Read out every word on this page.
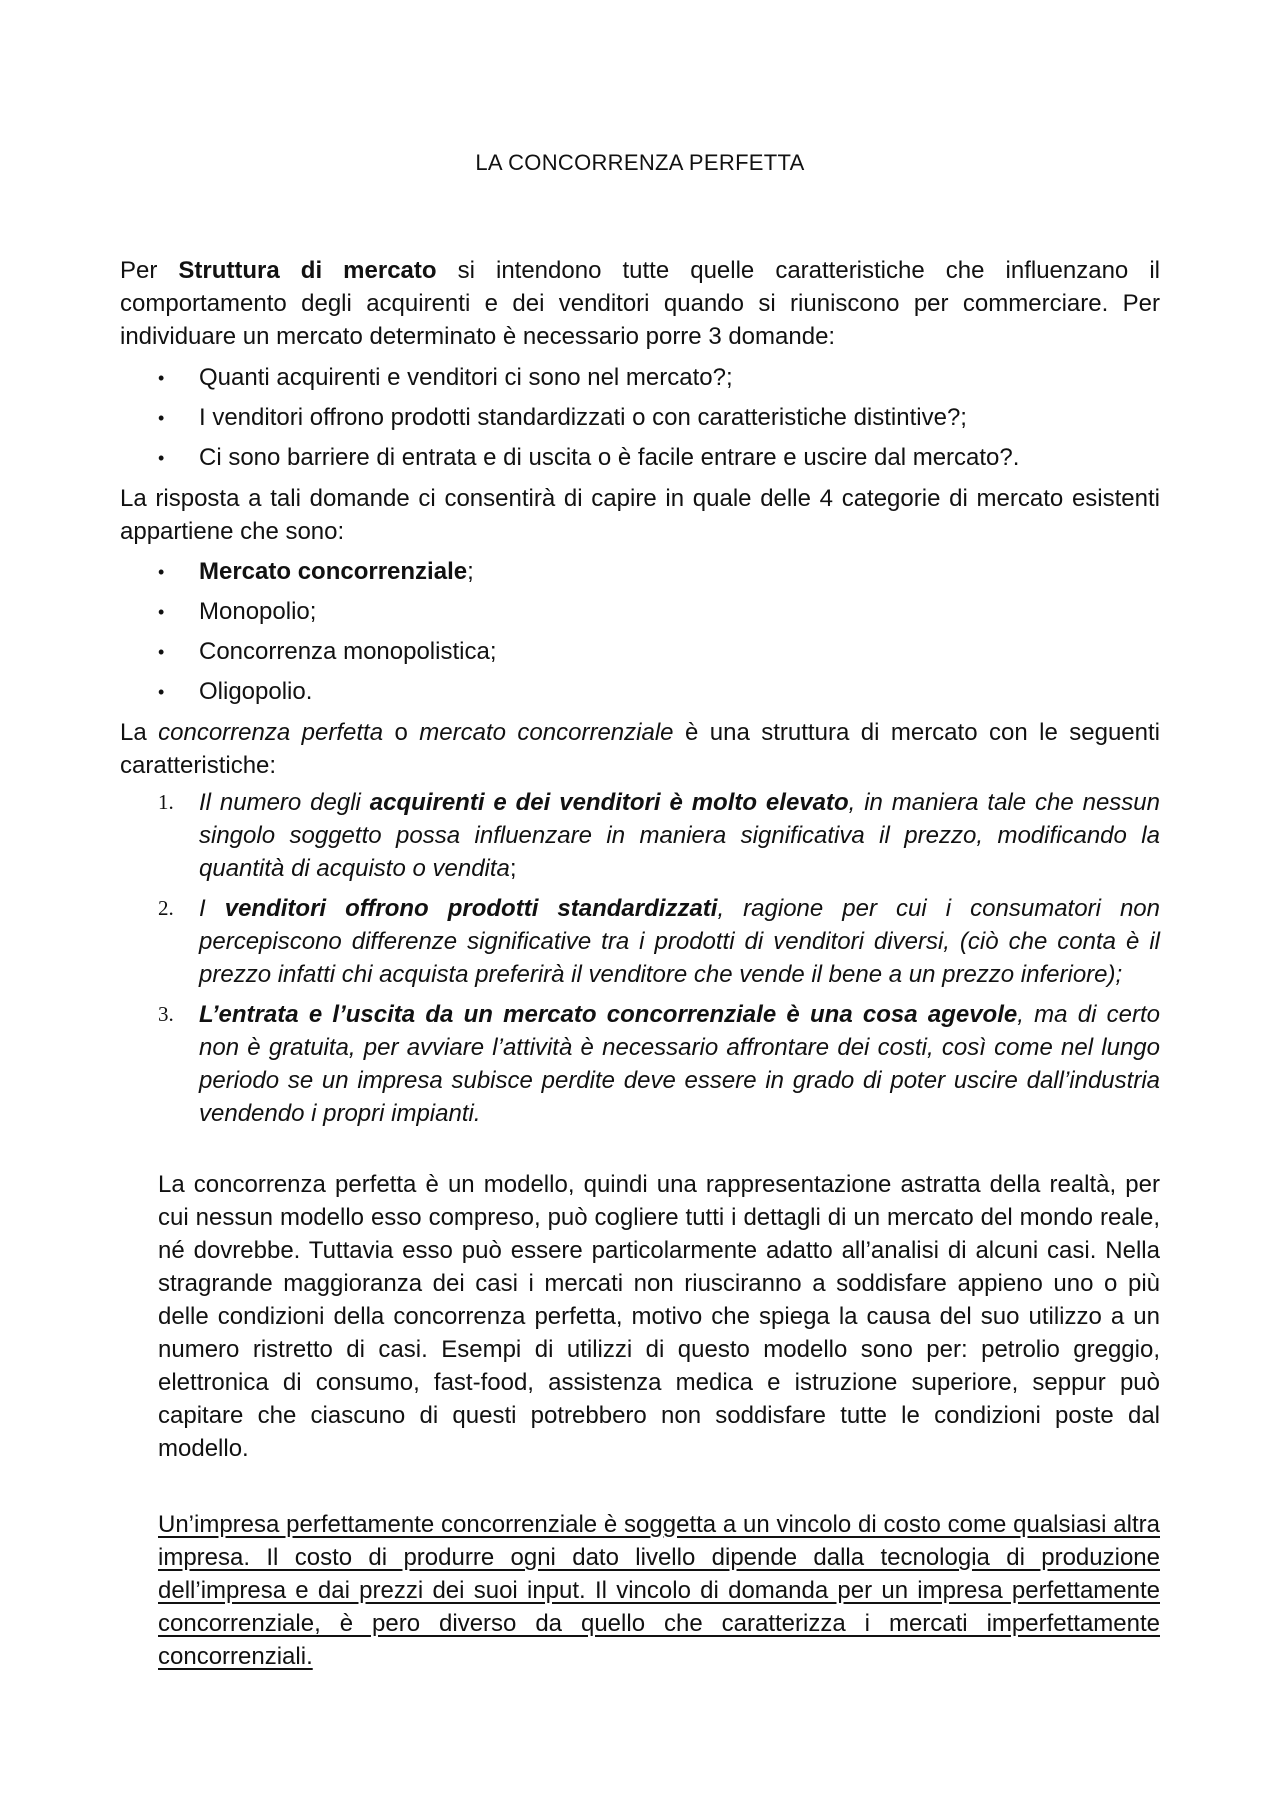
LA CONCORRENZA PERFETTA

Per Struttura di mercato si intendono tutte quelle caratteristiche che influenzano il comportamento degli acquirenti e dei venditori quando si riuniscono per commerciare. Per individuare un mercato determinato è necessario porre 3 domande:

• Quanti acquirenti e venditori ci sono nel mercato?;
• I venditori offrono prodotti standardizzati o con caratteristiche distintive?;
• Ci sono barriere di entrata e di uscita o è facile entrare e uscire dal mercato?.

La risposta a tali domande ci consentirà di capire in quale delle 4 categorie di mercato esistenti appartiene che sono:

• Mercato concorrenziale;
• Monopolio;
• Concorrenza monopolistica;
• Oligopolio.

La concorrenza perfetta o mercato concorrenziale è una struttura di mercato con le seguenti caratteristiche:

1. Il numero degli acquirenti e dei venditori è molto elevato, in maniera tale che nessun singolo soggetto possa influenzare in maniera significativa il prezzo, modificando la quantità di acquisto o vendita;
2. I venditori offrono prodotti standardizzati, ragione per cui i consumatori non percepiscono differenze significative tra i prodotti di venditori diversi, (ciò che conta è il prezzo infatti chi acquista preferirà il venditore che vende il bene a un prezzo inferiore);
3. L’entrata e l’uscita da un mercato concorrenziale è una cosa agevole, ma di certo non è gratuita, per avviare l’attività è necessario affrontare dei costi, così come nel lungo periodo se un impresa subisce perdite deve essere in grado di poter uscire dall’industria vendendo i propri impianti.

La concorrenza perfetta è un modello, quindi una rappresentazione astratta della realtà, per cui nessun modello esso compreso, può cogliere tutti i dettagli di un mercato del mondo reale, né dovrebbe. Tuttavia esso può essere particolarmente adatto all’analisi di alcuni casi. Nella stragrande maggioranza dei casi i mercati non riusciranno a soddisfare appieno uno o più delle condizioni della concorrenza perfetta, motivo che spiega la causa del suo utilizzo a un numero ristretto di casi. Esempi di utilizzi di questo modello sono per: petrolio greggio, elettronica di consumo, fast-food, assistenza medica e istruzione superiore, seppur può capitare che ciascuno di questi potrebbero non soddisfare tutte le condizioni poste dal modello.

Un’impresa perfettamente concorrenziale è soggetta a un vincolo di costo come qualsiasi altra impresa. Il costo di produrre ogni dato livello dipende dalla tecnologia di produzione dell’impresa e dai prezzi dei suoi input. Il vincolo di domanda per un impresa perfettamente concorrenziale, è pero diverso da quello che caratterizza i mercati imperfettamente concorrenziali.
